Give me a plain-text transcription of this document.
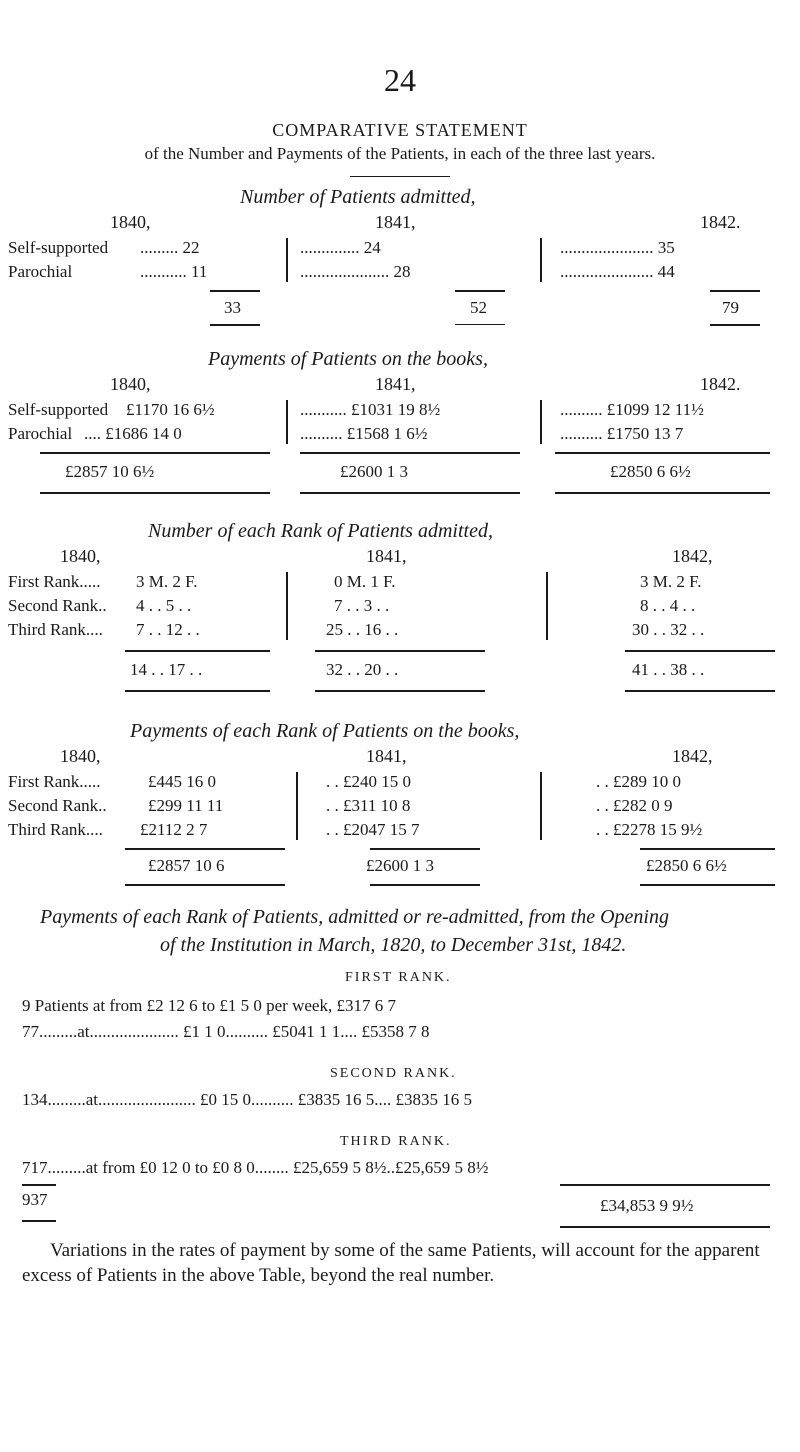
24
COMPARATIVE STATEMENT
of the Number and Payments of the Patients, in each of the three last years.
Number of Patients admitted,
1840,	1841,	1842.
Self-supported ......... 22	.............. 24	...................... 35
Parochial	........... 11	..................... 28	...................... 44
33	52	79
Payments of Patients on the books,
1840,	1841,	1842.
Self-supported £1170 16 6½	........... £1031 19 8½	.......... £1099 12 11½
Parochial .... £1686 14 0	.......... £1568 1 6½	.......... £1750 13 7
£2857 10 6½	£2600 1 3	£2850 6 6½
Number of each Rank of Patients admitted,
1840,	1841,	1842,
First Rank..... 3 M. 2 F.	0 M. 1 F.	3 M. 2 F.
Second Rank.. 4 . . 5 . .	7 . . 3 . .	8 . . 4 . .
Third Rank.... 7 . . 12 . .	25 . . 16 . .	30 . . 32 . .
14 . . 17 . .	32 . . 20 . .	41 . . 38 . .
Payments of each Rank of Patients on the books,
1840,	1841,	1842,
First Rank.....	£445 16 0	. . £240 15 0	. . £289 10 0
Second Rank.. £299 11 11	. . £311 10 8	. . £282 0 9
Third Rank.... £2112 2 7	. . £2047 15 7	. . £2278 15 9½
£2857 10 6	£2600 1 3	£2850 6 6½
Payments of each Rank of Patients, admitted or re-admitted, from the Opening
of the Institution in March, 1820, to December 31st, 1842.
FIRST RANK.
9 Patients at from £2 12 6 to £1 5 0 per week, £317 6 7
77.........at..................... £1 1 0.......... £5041 1 1.... £5358 7 8
SECOND RANK.
134.........at....................... £0 15 0.......... £3835 16 5.... £3835 16 5
THIRD RANK.
717.........at from £0 12 0 to £0 8 0........ £25,659 5 8½..£25,659 5 8½
937	£34,853 9 9½
Variations in the rates of payment by some of the same Patients, will account for the apparent excess of Patients in the above Table, beyond the real number.
